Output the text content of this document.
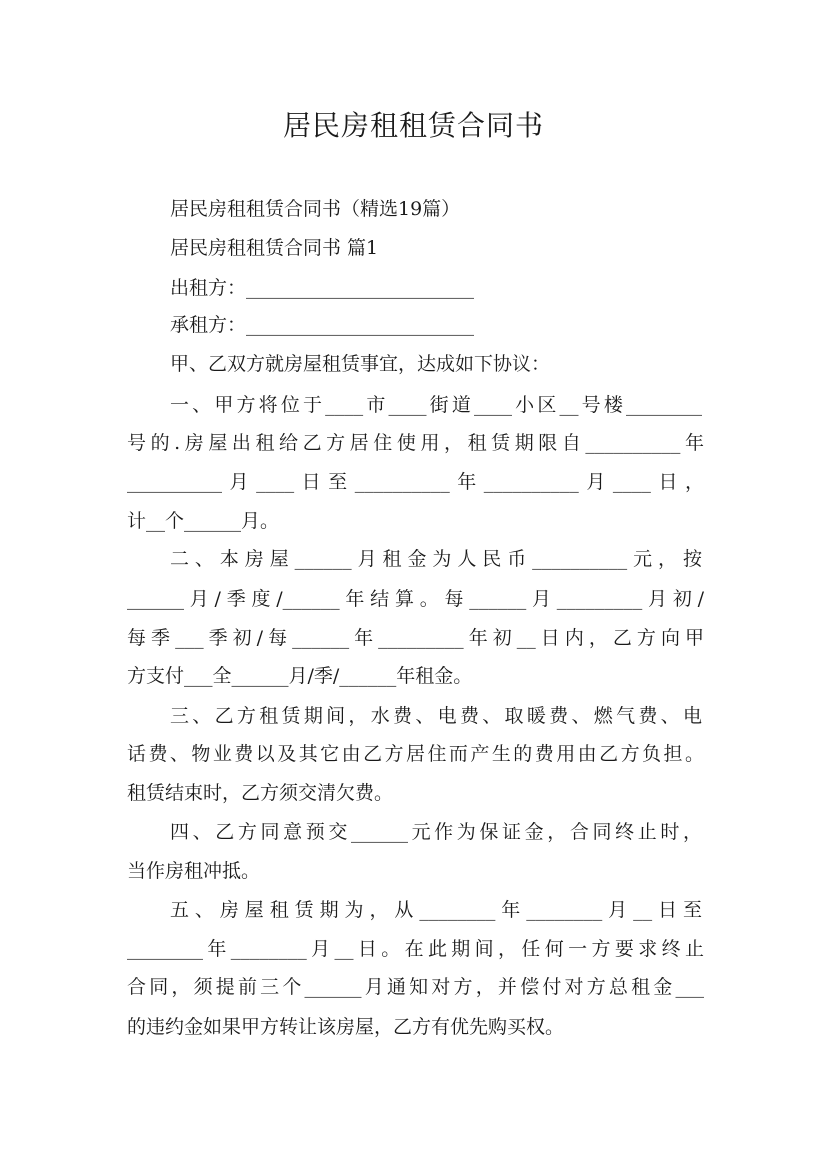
居民房租租赁合同书
居民房租租赁合同书（精选19篇）
居民房租租赁合同书 篇1
出租方：________________________
承租方：________________________
甲、乙双方就房屋租赁事宜，达成如下协议：
一、甲方将位于____市____街道____小区__号楼________
号的.房屋出租给乙方居住使用，租赁期限自__________年
__________月____日至__________年__________月____日，
计__个______月。
二、本房屋______月租金为人民币__________元，按
______月/季度/______年结算。每______月_________月初/
每季___季初/每______年_________年初__日内，乙方向甲
方支付___全______月/季/______年租金。
三、乙方租赁期间，水费、电费、取暖费、燃气费、电
话费、物业费以及其它由乙方居住而产生的费用由乙方负担。
租赁结束时，乙方须交清欠费。
四、乙方同意预交______元作为保证金，合同终止时，
当作房租冲抵。
五、房屋租赁期为，从________年________月__日至
________年________月__日。在此期间，任何一方要求终止
合同，须提前三个______月通知对方，并偿付对方总租金___
的违约金如果甲方转让该房屋，乙方有优先购买权。
